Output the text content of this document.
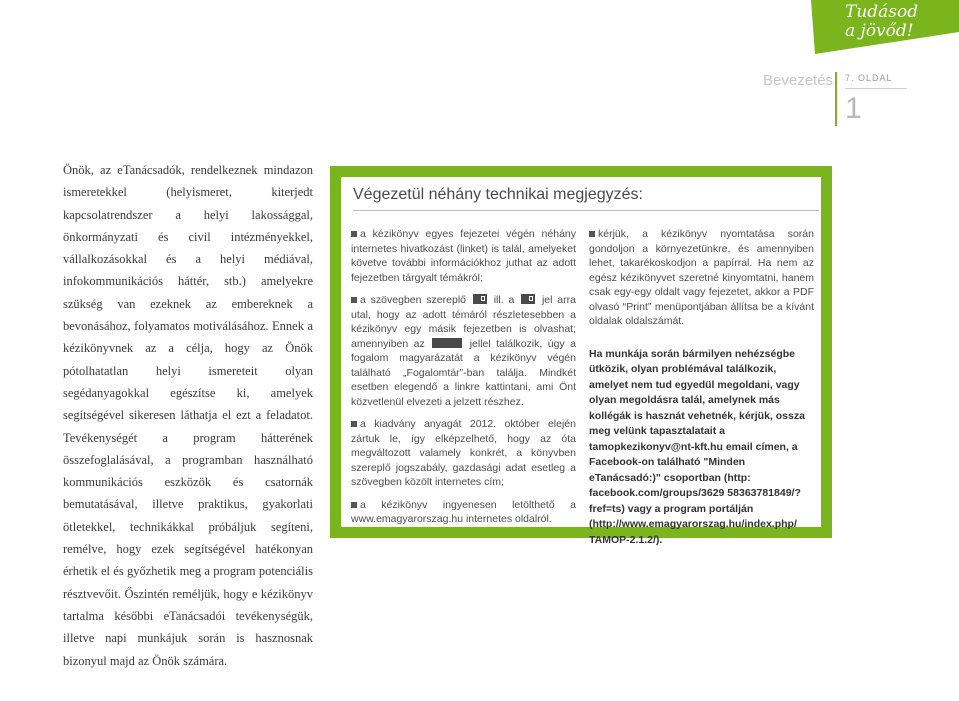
Tudásod
a jövőd!
Bevezetés 7. OLDAL
1

Önök, az eTanácsadók, rendelkeznek mindazon ismeretekkel (helyismeret, kiterjedt kapcsolatrendszer a helyi lakossággal, önkormányzati és civil intézményekkel, vállalkozásokkal és a helyi médiával, infokommunikációs háttér, stb.) amelyekre szükség van ezeknek az embereknek a bevonásához, folyamatos motiválásához. Ennek a kézikönyvnek az a célja, hogy az Önök pótolhatatlan helyi ismereteit olyan segédanyagokkal egészítse ki, amelyek segítségével sikeresen láthatja el ezt a feladatot. Tevékenységét a program hátterének összefoglalásával, a programban használható kommunikációs eszközök és csatornák bemutatásával, illetve praktikus, gyakorlati ötletekkel, technikákkal próbáljuk segíteni, remélve, hogy ezek segítségével hatékonyan érhetik el és győzhetik meg a program potenciális résztvevőit. Őszintén reméljük, hogy e kézikönyv tartalma későbbi eTanácsadói tevékenységük, illetve napi munkájuk során is hasznosnak bizonyul majd az Önök számára.

Végezetül néhány technikai megjegyzés:
a kézikönyv egyes fejezetei végén néhány internetes hivatkozást (linket) is talál, amelyeket követve további információkhoz juthat az adott fejezetben tárgyalt témákról;
a szövegben szereplő	ill. a	jel arra utal, hogy az adott témáról részletesebben a kézikönyv egy másik fejezetben is olvashat; amennyiben az	jellel találkozik, úgy a fogalom magyarázatát a kézikönyv végén található „Fogalomtár”-ban találja. Mindkét esetben elegendő a linkre kattintani, ami Önt közvetlenül elvezeti a jelzett részhez.
a kiadvány anyagát 2012. október elején zártuk le, így elképzelhető, hogy az óta megváltozott valamely konkrét, a könyvben szereplő jogszabály, gazdasági adat esetleg a szövegben közölt internetes cím;
a kézikönyv ingyenesen letölthető a www.emagyarorszag.hu internetes oldalról.
kérjük, a kézikönyv nyomtatása során gondoljon a környezetünkre, és amennyiben lehet, takarékoskodjon a papírral. Ha nem az egész kézikönyvet szeretné kinyomtatni, hanem csak egy-egy oldalt vagy fejezetet, akkor a PDF olvasó “Print” menüpontjában állítsa be a kívánt oldalak oldalszámát.
Ha munkája során bármilyen nehézségbe ütközik, olyan problémával találkozik, amelyet nem tud egyedül megoldani, vagy olyan megoldásra talál, amelynek más kollégák is hasznát vehetnék, kérjük, ossza meg velünk tapasztalatait a tamopkezikonyv@nt-kft.hu email címen, a Facebook-on található "Minden eTanácsadó:)" csoportban (http: facebook.com/groups/3629 58363781849/?fref=ts) vagy a program portálján (http://www.emagyarorszag.hu/index.php/ TAMOP-2.1.2/).
